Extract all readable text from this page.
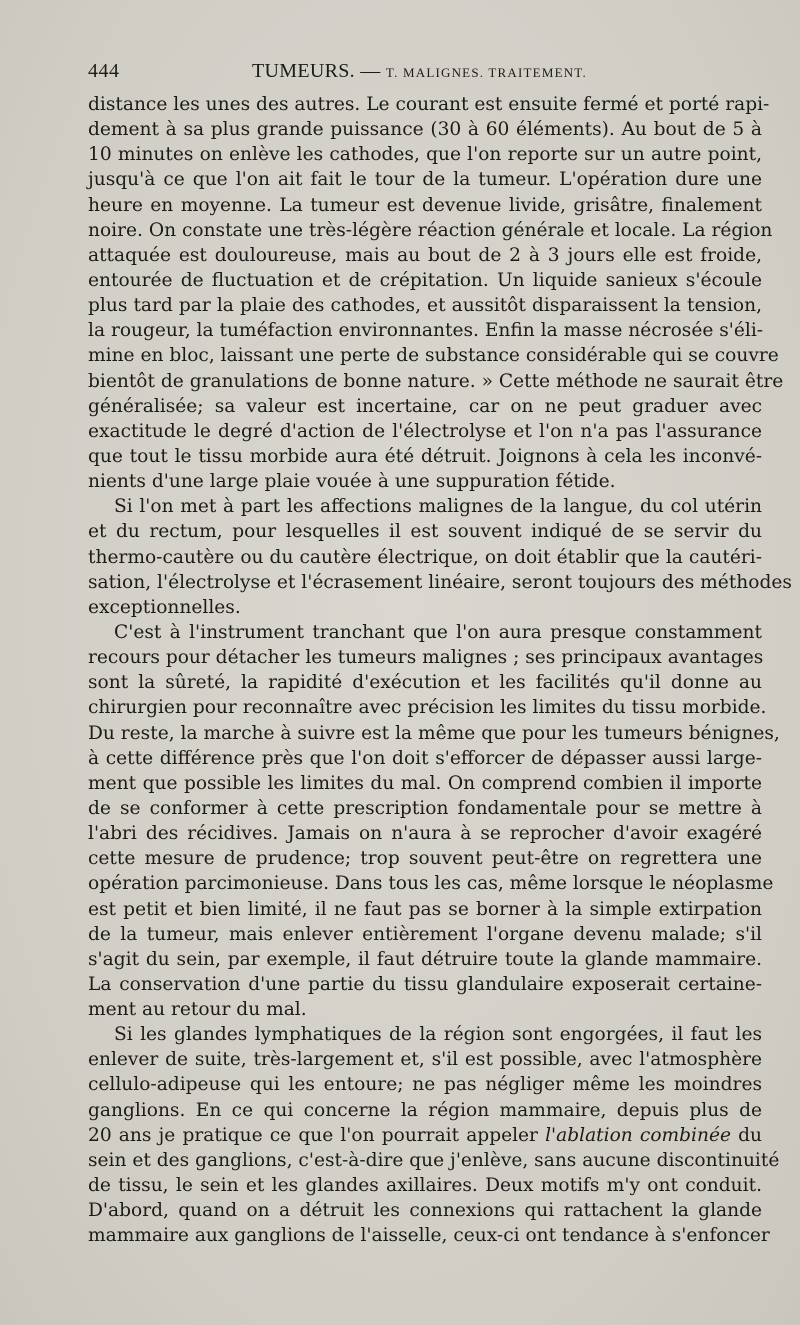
444	TUMEURS. — T. MALIGNES. TRAITEMENT.
distance les unes des autres. Le courant est ensuite fermé et porté rapi-
dement à sa plus grande puissance (30 à 60 éléments). Au bout de 5 à
10 minutes on enlève les cathodes, que l'on reporte sur un autre point,
jusqu'à ce que l'on ait fait le tour de la tumeur. L'opération dure une
heure en moyenne. La tumeur est devenue livide, grisâtre, finalement
noire. On constate une très-légère réaction générale et locale. La région
attaquée est douloureuse, mais au bout de 2 à 3 jours elle est froide,
entourée de fluctuation et de crépitation. Un liquide sanieux s'écoule
plus tard par la plaie des cathodes, et aussitôt disparaissent la tension,
la rougeur, la tuméfaction environnantes. Enfin la masse nécrosée s'éli-
mine en bloc, laissant une perte de substance considérable qui se couvre
bientôt de granulations de bonne nature. » Cette méthode ne saurait être
généralisée; sa valeur est incertaine, car on ne peut graduer avec
exactitude le degré d'action de l'électrolyse et l'on n'a pas l'assurance
que tout le tissu morbide aura été détruit. Joignons à cela les inconvé-
nients d'une large plaie vouée à une suppuration fétide.
Si l'on met à part les affections malignes de la langue, du col utérin
et du rectum, pour lesquelles il est souvent indiqué de se servir du
thermo-cautère ou du cautère électrique, on doit établir que la cautéri-
sation, l'électrolyse et l'écrasement linéaire, seront toujours des méthodes
exceptionnelles.
C'est à l'instrument tranchant que l'on aura presque constamment
recours pour détacher les tumeurs malignes ; ses principaux avantages
sont la sûreté, la rapidité d'exécution et les facilités qu'il donne au
chirurgien pour reconnaître avec précision les limites du tissu morbide.
Du reste, la marche à suivre est la même que pour les tumeurs bénignes,
à cette différence près que l'on doit s'efforcer de dépasser aussi large-
ment que possible les limites du mal. On comprend combien il importe
de se conformer à cette prescription fondamentale pour se mettre à
l'abri des récidives. Jamais on n'aura à se reprocher d'avoir exagéré
cette mesure de prudence; trop souvent peut-être on regrettera une
opération parcimonieuse. Dans tous les cas, même lorsque le néoplasme
est petit et bien limité, il ne faut pas se borner à la simple extirpation
de la tumeur, mais enlever entièrement l'organe devenu malade; s'il
s'agit du sein, par exemple, il faut détruire toute la glande mammaire.
La conservation d'une partie du tissu glandulaire exposerait certaine-
ment au retour du mal.
Si les glandes lymphatiques de la région sont engorgées, il faut les
enlever de suite, très-largement et, s'il est possible, avec l'atmosphère
cellulo-adipeuse qui les entoure; ne pas négliger même les moindres
ganglions. En ce qui concerne la région mammaire, depuis plus de
20 ans je pratique ce que l'on pourrait appeler l'ablation combinée du
sein et des ganglions, c'est-à-dire que j'enlève, sans aucune discontinuité
de tissu, le sein et les glandes axillaires. Deux motifs m'y ont conduit.
D'abord, quand on a détruit les connexions qui rattachent la glande
mammaire aux ganglions de l'aisselle, ceux-ci ont tendance à s'enfoncer
